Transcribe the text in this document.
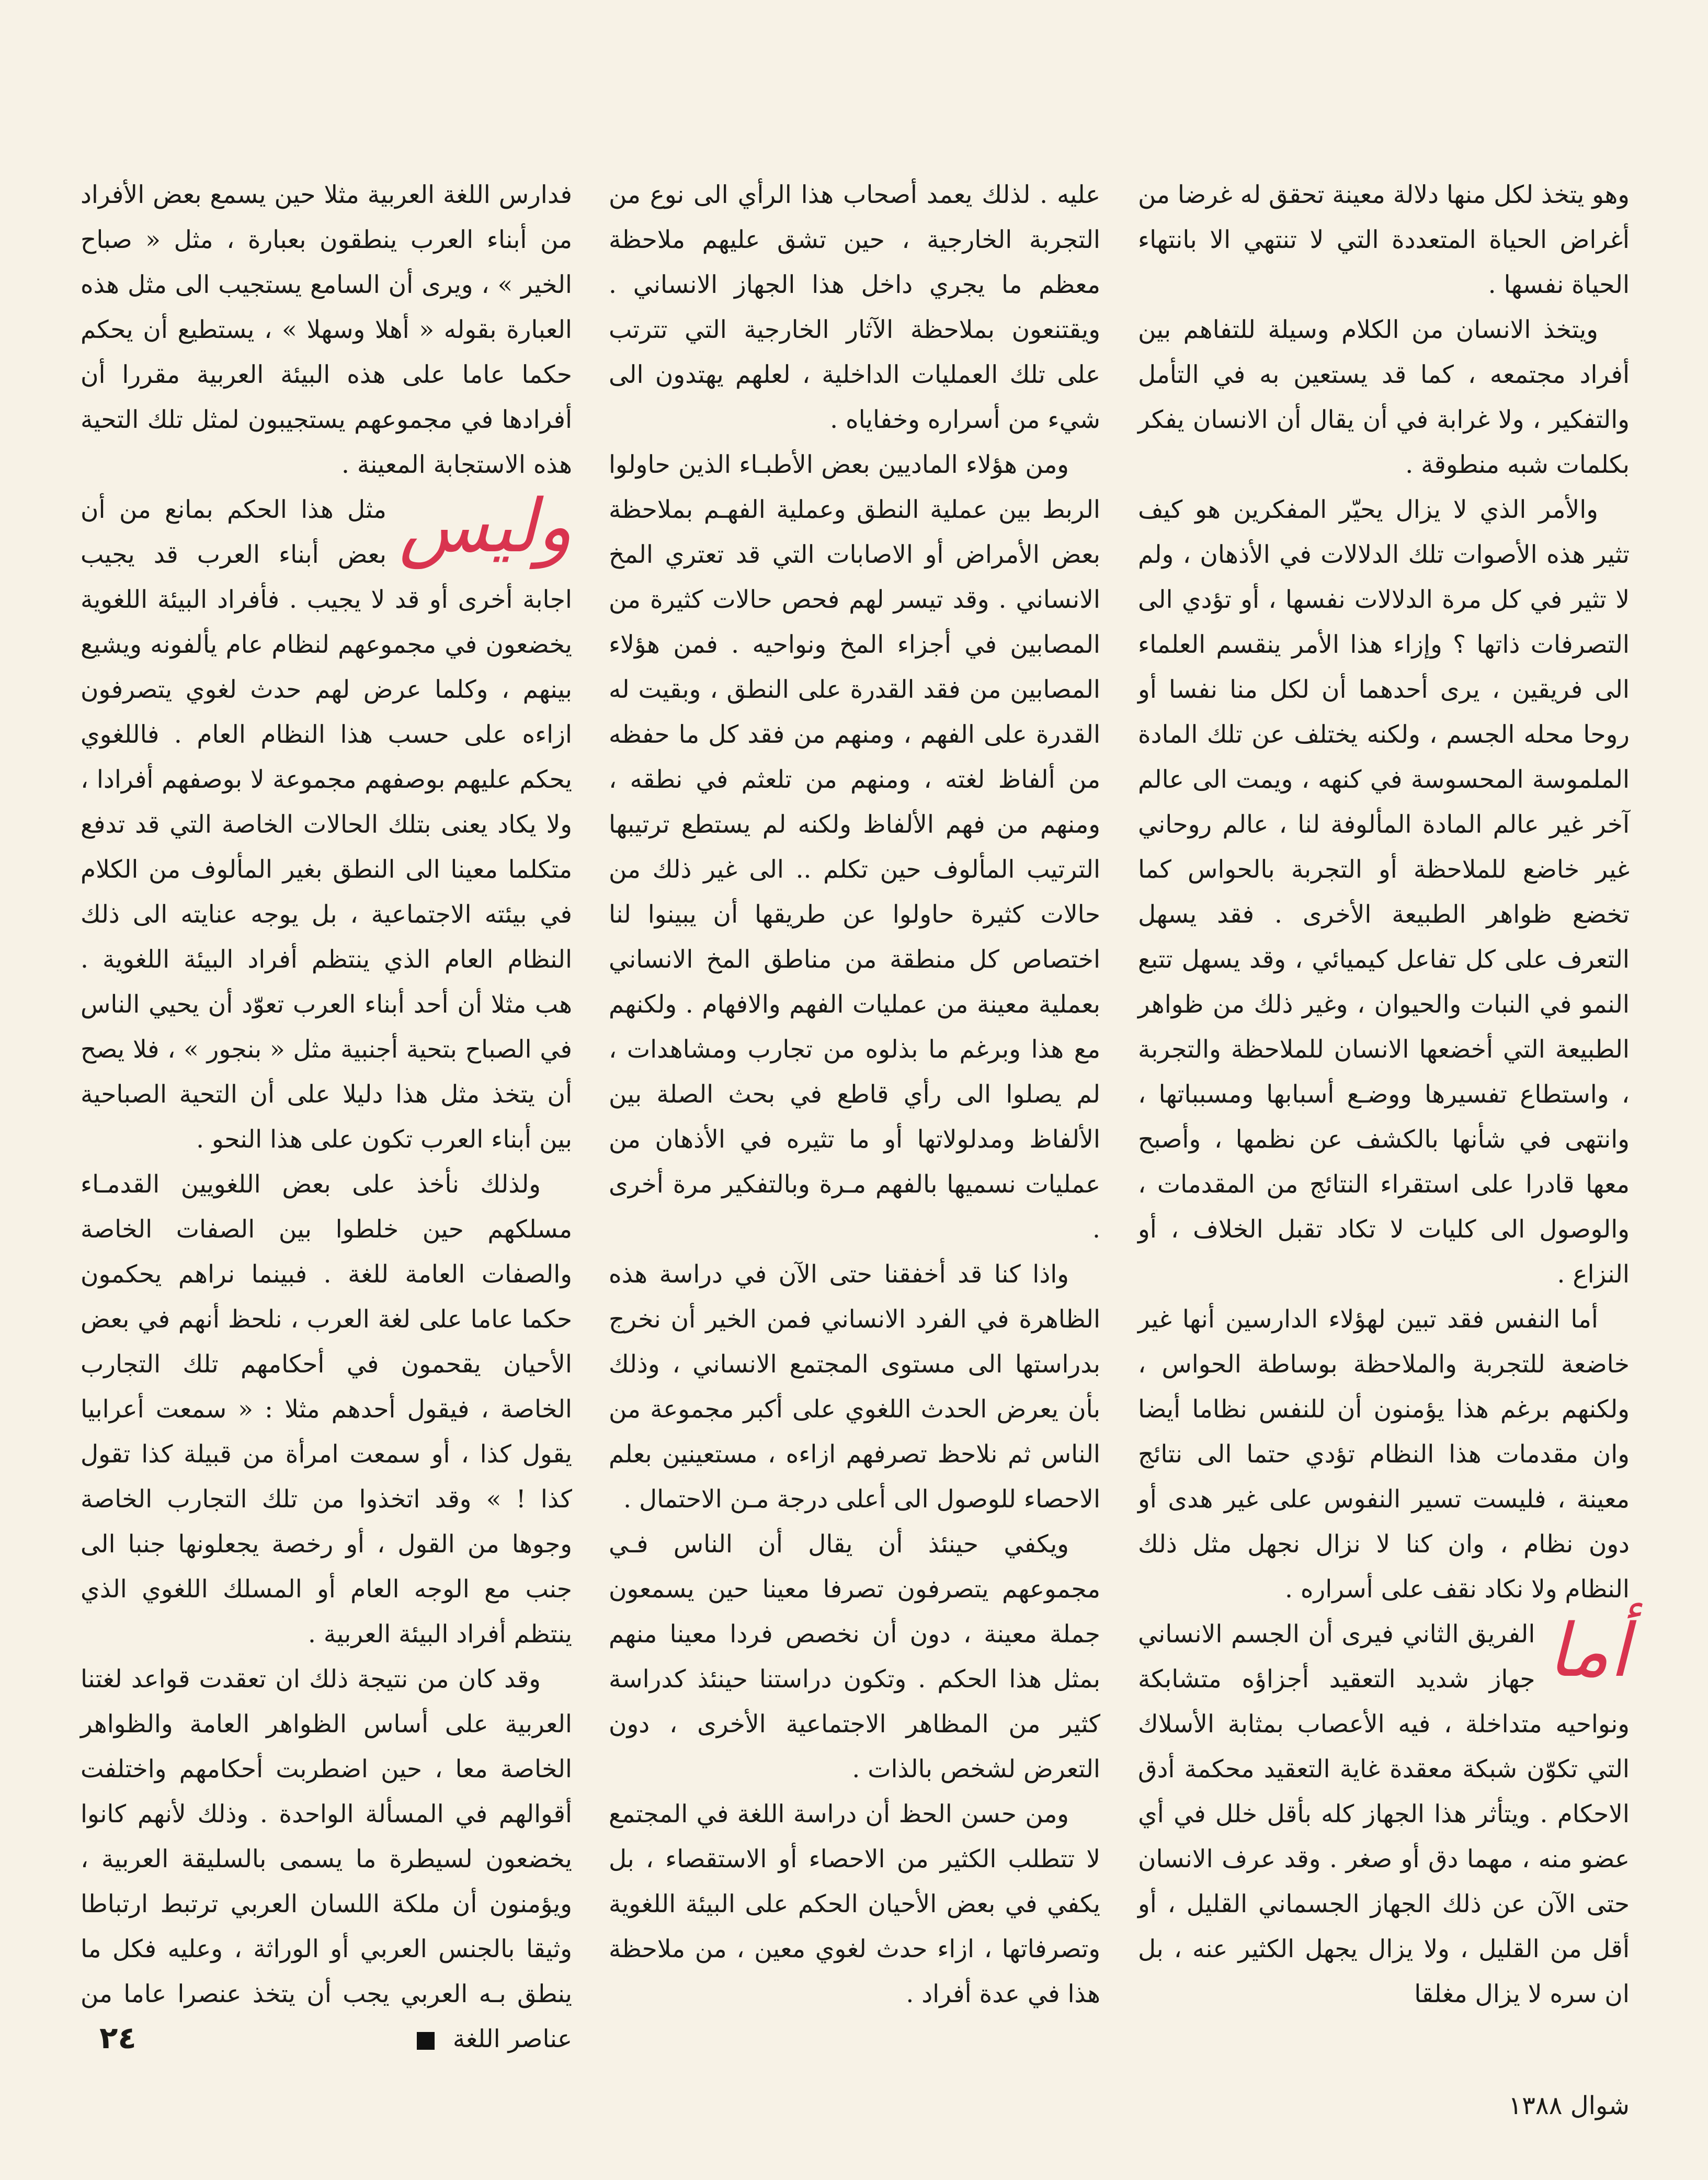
وهو يتخذ لكل منها دلالة معينة تحقق له غرضا من أغراض الحياة المتعددة التي لا تنتهي الا بانتهاء الحياة نفسها .

ويتخذ الانسان من الكلام وسيلة للتفاهم بين أفراد مجتمعه ، كما قد يستعين به في التأمل والتفكير ، ولا غرابة في أن يقال أن الانسان يفكر بكلمات شبه منطوقة .

والأمر الذي لا يزال يحيّر المفكرين هو كيف تثير هذه الأصوات تلك الدلالات في الأذهان ، ولم لا تثير في كل مرة الدلالات نفسها ، أو تؤدي الى التصرفات ذاتها ؟ وإزاء هذا الأمر ينقسم العلماء الى فريقين ، يرى أحدهما أن لكل منا نفسا أو روحا محله الجسم ، ولكنه يختلف عن تلك المادة الملموسة المحسوسة في كنهه ، ويمت الى عالم آخر غير عالم المادة المألوفة لنا ، عالم روحاني غير خاضع للملاحظة أو التجربة بالحواس كما تخضع ظواهر الطبيعة الأخرى . فقد يسهل التعرف على كل تفاعل كيميائي ، وقد يسهل تتبع النمو في النبات والحيوان ، وغير ذلك من ظواهر الطبيعة التي أخضعها الانسان للملاحظة والتجربة ، واستطاع تفسيرها ووضـع أسبابها ومسبباتها ، وانتهى في شأنها بالكشف عن نظمها ، وأصبح معها قادرا على استقراء النتائج من المقدمات ، والوصول الى كليات لا تكاد تقبل الخلاف ، أو النزاع .

أما النفس فقد تبين لهؤلاء الدارسين أنها غير خاضعة للتجربة والملاحظة بوساطة الحواس ، ولكنهم برغم هذا يؤمنون أن للنفس نظاما أيضا وان مقدمات هذا النظام تؤدي حتما الى نتائج معينة ، فليست تسير النفوس على غير هدى أو دون نظام ، وان كنا لا نزال نجهل مثل ذلك النظام ولا نكاد نقف على أسراره .

أما
الفريق الثاني فيرى أن الجسم الانساني جهاز شديد التعقيد أجزاؤه متشابكة ونواحيه متداخلة ، فيه الأعصاب بمثابة الأسلاك التي تكوّن شبكة معقدة غاية التعقيد محكمة أدق الاحكام . ويتأثر هذا الجهاز كله بأقل خلل في أي عضو منه ، مهما دق أو صغر . وقد عرف الانسان حتى الآن عن ذلك الجهاز الجسماني القليل ، أو أقل من القليل ، ولا يزال يجهل الكثير عنه ، بل ان سره لا يزال مغلقا

عليه . لذلك يعمد أصحاب هذا الرأي الى نوع من التجربة الخارجية ، حين تشق عليهم ملاحظة معظم ما يجري داخل هذا الجهاز الانساني . ويقتنعون بملاحظة الآثار الخارجية التي تترتب على تلك العمليات الداخلية ، لعلهم يهتدون الى شيء من أسراره وخفاياه .

ومن هؤلاء الماديين بعض الأطبـاء الذين حاولوا الربط بين عملية النطق وعملية الفهـم بملاحظة بعض الأمراض أو الاصابات التي قد تعتري المخ الانساني . وقد تيسر لهم فحص حالات كثيرة من المصابين في أجزاء المخ ونواحيه . فمن هؤلاء المصابين من فقد القدرة على النطق ، وبقيت له القدرة على الفهم ، ومنهم من فقد كل ما حفظه من ألفاظ لغته ، ومنهم من تلعثم في نطقه ، ومنهم من فهم الألفاظ ولكنه لم يستطع ترتيبها الترتيب المألوف حين تكلم .. الى غير ذلك من حالات كثيرة حاولوا عن طريقها أن يبينوا لنا اختصاص كل منطقة من مناطق المخ الانساني بعملية معينة من عمليات الفهم والافهام . ولكنهم مع هذا وبرغم ما بذلوه من تجارب ومشاهدات ، لم يصلوا الى رأي قاطع في بحث الصلة بين الألفاظ ومدلولاتها أو ما تثيره في الأذهان من عمليات نسميها بالفهم مـرة وبالتفكير مرة أخرى .

واذا كنا قد أخفقنا حتى الآن في دراسة هذه الظاهرة في الفرد الانساني فمن الخير أن نخرج بدراستها الى مستوى المجتمع الانساني ، وذلك بأن يعرض الحدث اللغوي على أكبر مجموعة من الناس ثم نلاحظ تصرفهم ازاءه ، مستعينين بعلم الاحصاء للوصول الى أعلى درجة مـن الاحتمال .

ويكفي حينئذ أن يقال أن الناس فـي مجموعهم يتصرفون تصرفا معينا حين يسمعون جملة معينة ، دون أن نخصص فردا معينا منهم بمثل هذا الحكم . وتكون دراستنا حينئذ كدراسة كثير من المظاهر الاجتماعية الأخرى ، دون التعرض لشخص بالذات .

ومن حسن الحظ أن دراسة اللغة في المجتمع لا تتطلب الكثير من الاحصاء أو الاستقصاء ، بل يكفي في بعض الأحيان الحكم على البيئة اللغوية وتصرفاتها ، ازاء حدث لغوي معين ، من ملاحظة هذا في عدة أفراد .

فدارس اللغة العربية مثلا حين يسمع بعض الأفراد من أبناء العرب ينطقون بعبارة ، مثل « صباح الخير » ، ويرى أن السامع يستجيب الى مثل هذه العبارة بقوله « أهلا وسهلا » ، يستطيع أن يحكم حكما عاما على هذه البيئة العربية مقررا أن أفرادها في مجموعهم يستجيبون لمثل تلك التحية هذه الاستجابة المعينة .

وليس
مثل هذا الحكم بمانع من أن بعض أبناء العرب قد يجيب اجابة أخرى أو قد لا يجيب . فأفراد البيئة اللغوية يخضعون في مجموعهم لنظام عام يألفونه ويشيع بينهم ، وكلما عرض لهم حدث لغوي يتصرفون ازاءه على حسب هذا النظام العام . فاللغوي يحكم عليهم بوصفهم مجموعة لا بوصفهم أفرادا ، ولا يكاد يعنى بتلك الحالات الخاصة التي قد تدفع متكلما معينا الى النطق بغير المألوف من الكلام في بيئته الاجتماعية ، بل يوجه عنايته الى ذلك النظام العام الذي ينتظم أفراد البيئة اللغوية . هب مثلا أن أحد أبناء العرب تعوّد أن يحيي الناس في الصباح بتحية أجنبية مثل « بنجور » ، فلا يصح أن يتخذ مثل هذا دليلا على أن التحية الصباحية بين أبناء العرب تكون على هذا النحو .

ولذلك نأخذ على بعض اللغويين القدمـاء مسلكهم حين خلطوا بين الصفات الخاصة والصفات العامة للغة . فبينما نراهم يحكمون حكما عاما على لغة العرب ، نلحظ أنهم في بعض الأحيان يقحمون في أحكامهم تلك التجارب الخاصة ، فيقول أحدهم مثلا : « سمعت أعرابيا يقول كذا ، أو سمعت امرأة من قبيلة كذا تقول كذا ! » وقد اتخذوا من تلك التجارب الخاصة وجوها من القول ، أو رخصة يجعلونها جنبا الى جنب مع الوجه العام أو المسلك اللغوي الذي ينتظم أفراد البيئة العربية .

وقد كان من نتيجة ذلك ان تعقدت قواعد لغتنا العربية على أساس الظواهر العامة والظواهر الخاصة معا ، حين اضطربت أحكامهم واختلفت أقوالهم في المسألة الواحدة . وذلك لأنهم كانوا يخضعون لسيطرة ما يسمى بالسليقة العربية ، ويؤمنون أن ملكة اللسان العربي ترتبط ارتباطا وثيقا بالجنس العربي أو الوراثة ، وعليه فكل ما ينطق بـه العربي يجب أن يتخذ عنصرا عاما من عناصر اللغة

٢٤
شوال ١٣٨٨
